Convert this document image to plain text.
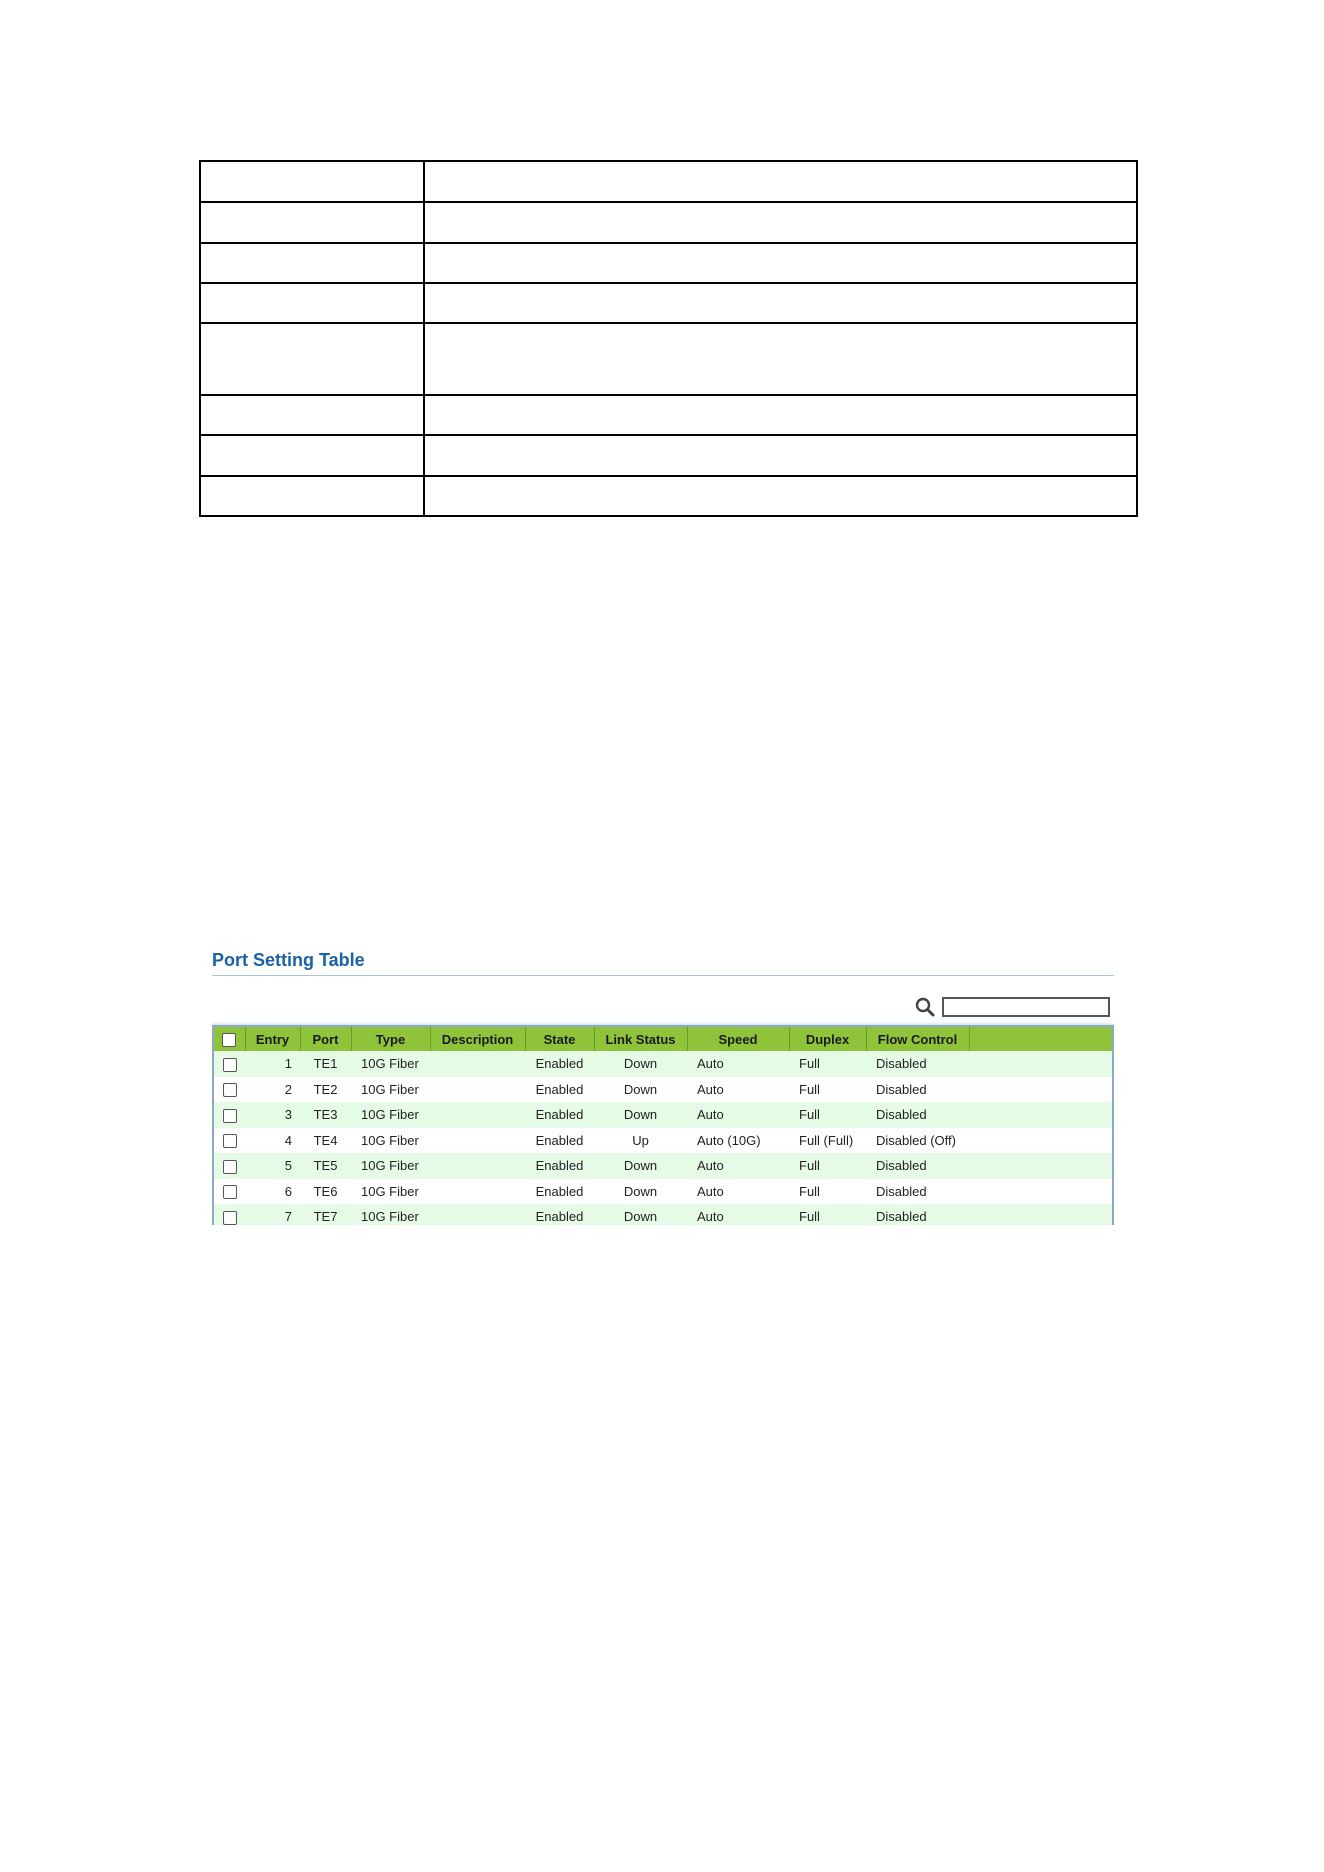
Port Setting Table
	Entry	Port	Type	Description	State	Link Status	Speed	Duplex	Flow Control	
	1	TE1	10G Fiber		Enabled	Down	Auto	Full	Disabled	
	2	TE2	10G Fiber		Enabled	Down	Auto	Full	Disabled	
	3	TE3	10G Fiber		Enabled	Down	Auto	Full	Disabled	
	4	TE4	10G Fiber		Enabled	Up	Auto (10G)	Full (Full)	Disabled (Off)	
	5	TE5	10G Fiber		Enabled	Down	Auto	Full	Disabled	
	6	TE6	10G Fiber		Enabled	Down	Auto	Full	Disabled	
	7	TE7	10G Fiber		Enabled	Down	Auto	Full	Disabled	
